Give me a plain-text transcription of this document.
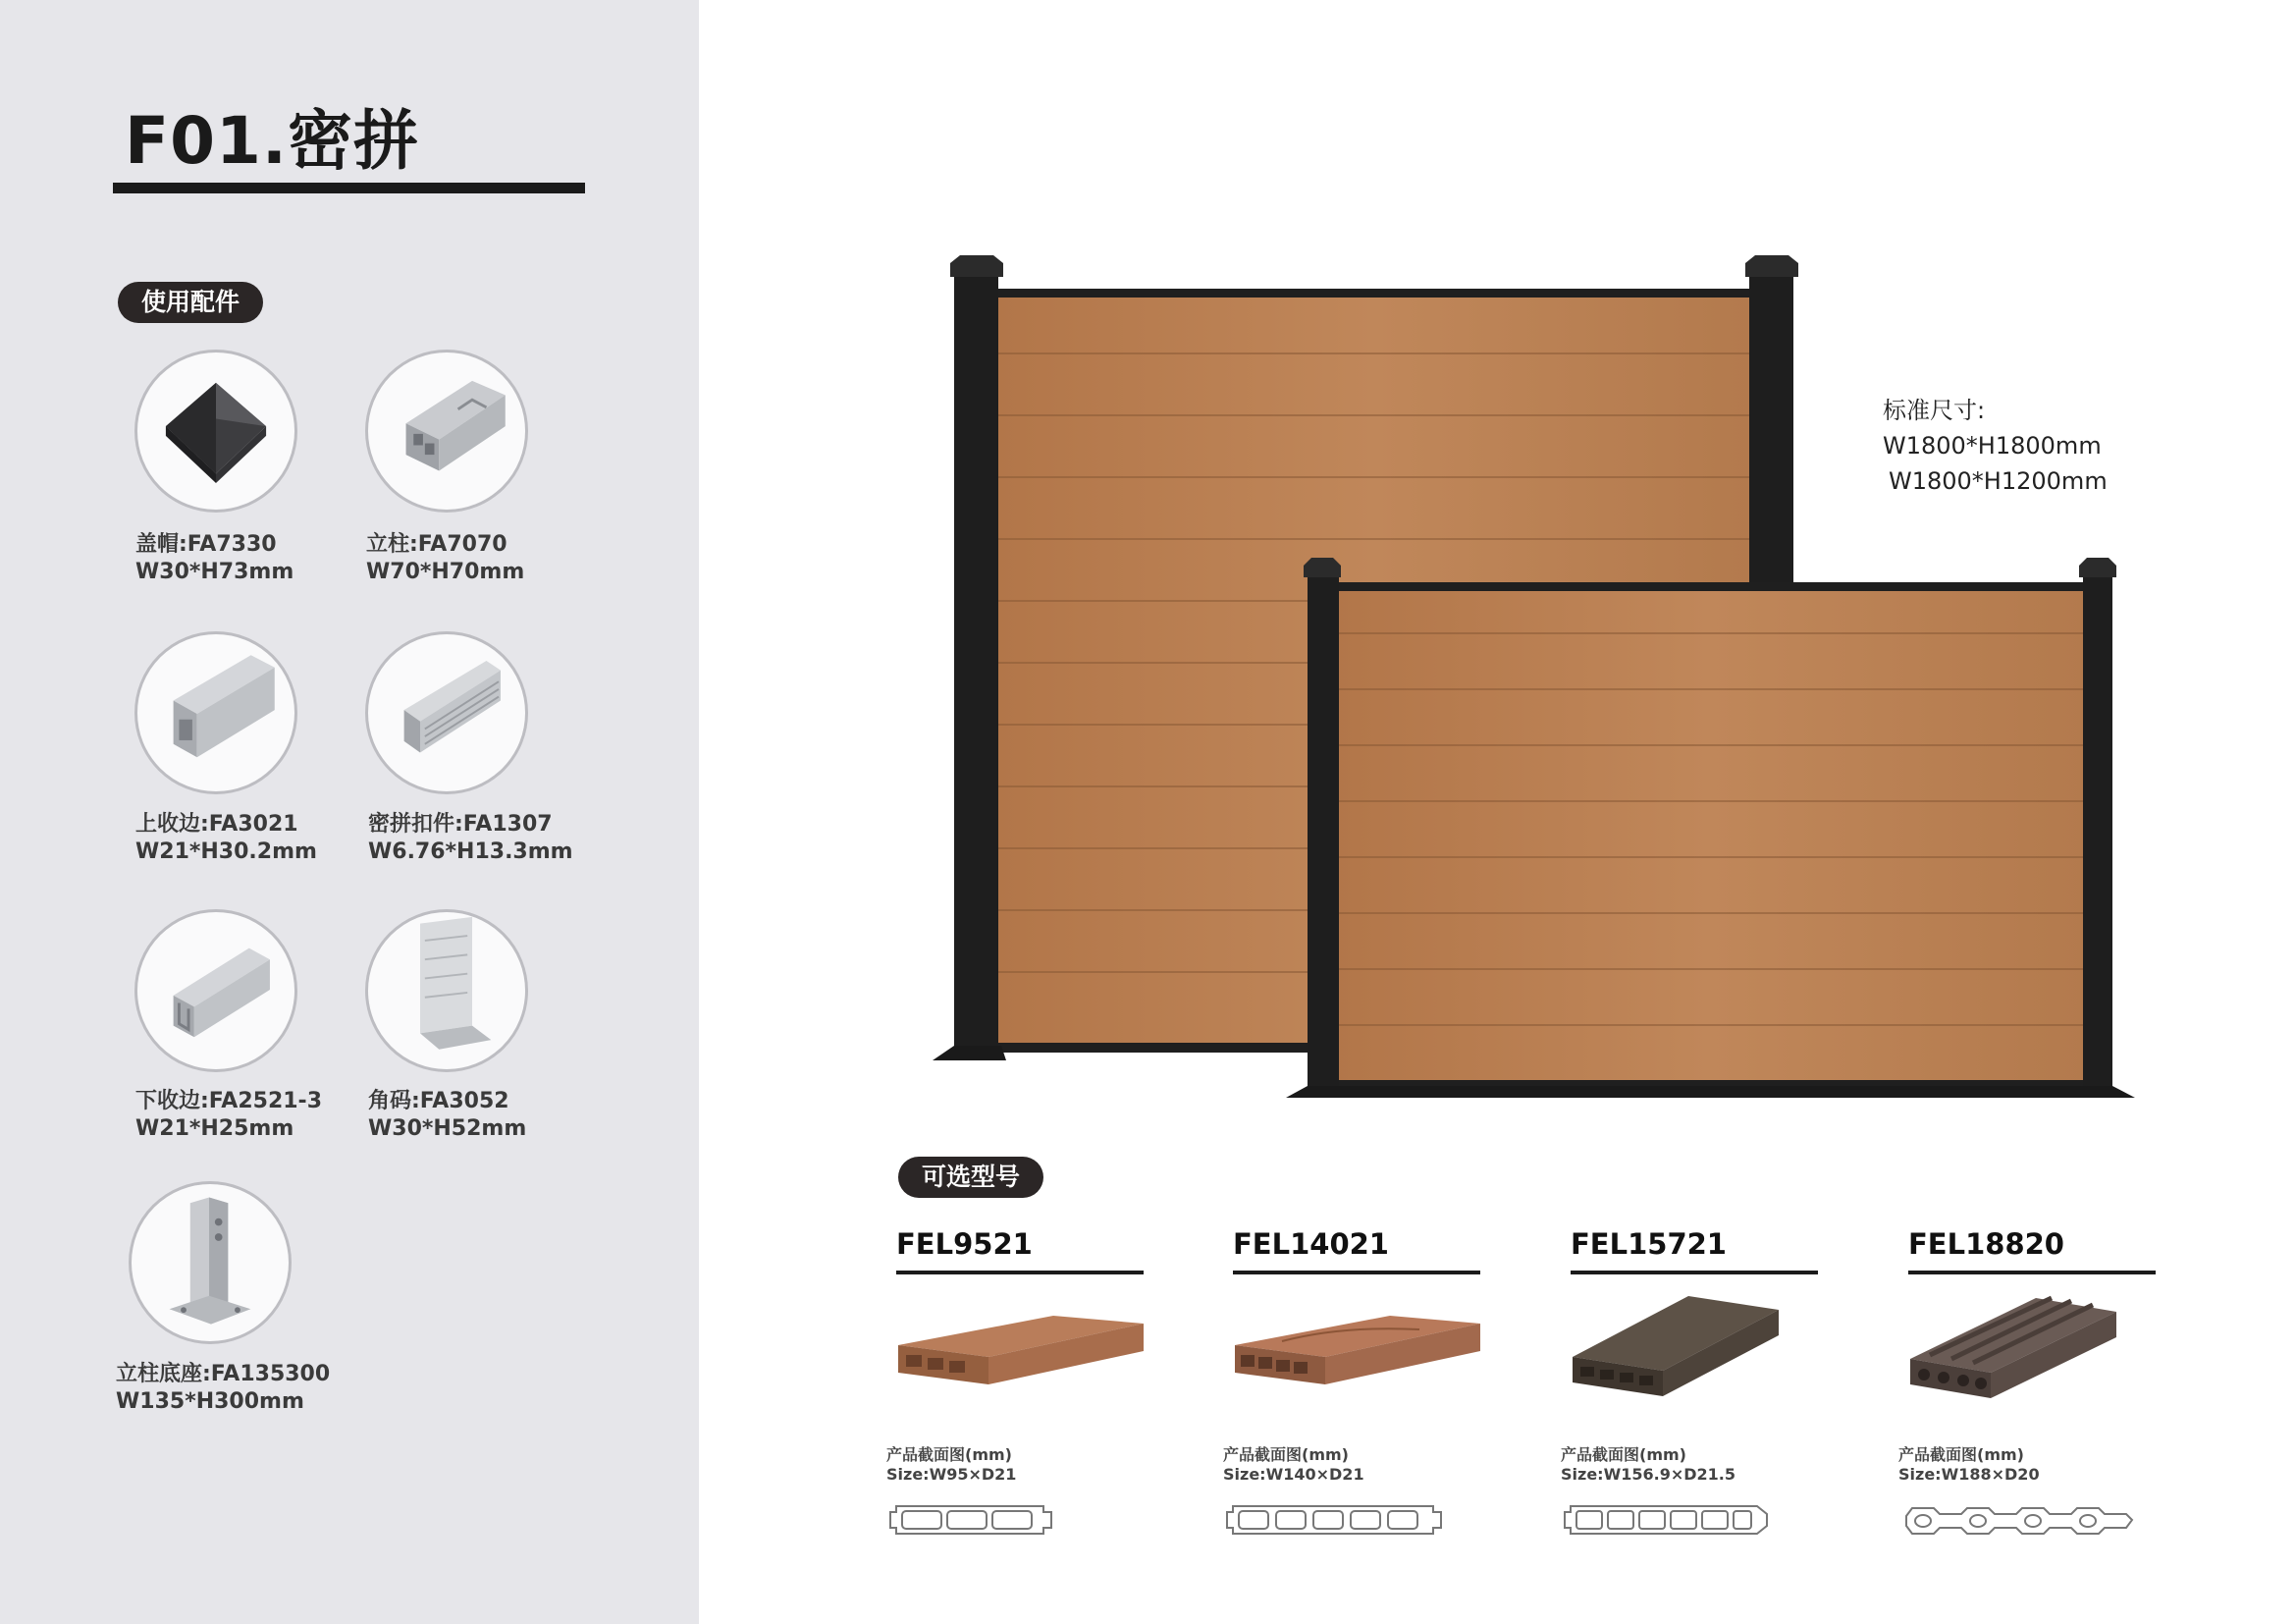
F01.密拼
使用配件
盖帽:FA7330
W30*H73mm
立柱:FA7070
W70*H70mm
上收边:FA3021
W21*H30.2mm
密拼扣件:FA1307
W6.76*H13.3mm
下收边:FA2521-3
W21*H25mm
角码:FA3052
W30*H52mm
立柱底座:FA135300
W135*H300mm
标准尺寸:
W1800*H1800mm
W1800*H1200mm
可选型号
FEL9521
产品截面图(mm)
Size:W95×D21
FEL14021
产品截面图(mm)
Size:W140×D21
FEL15721
产品截面图(mm)
Size:W156.9×D21.5
FEL18820
产品截面图(mm)
Size:W188×D20
